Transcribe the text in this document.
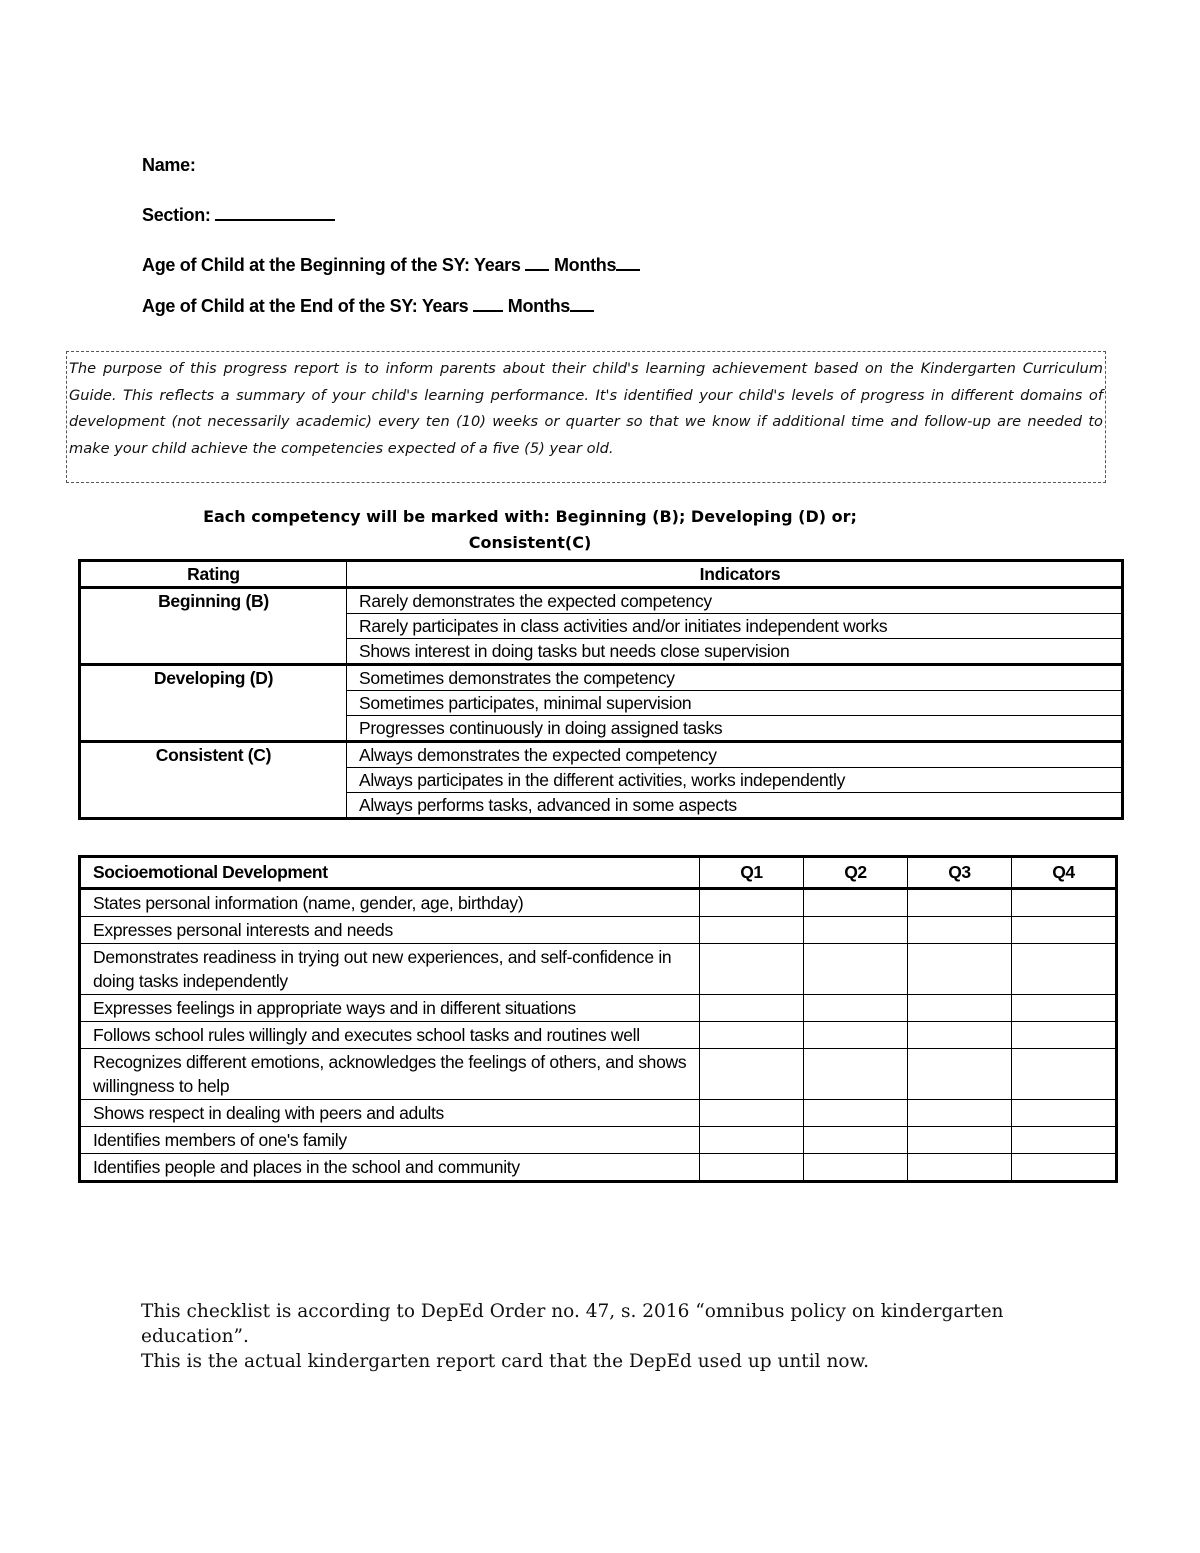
Name:
Section:
Age of Child at the Beginning of the SY: Years Months
Age of Child at the End of the SY: Years Months
The purpose of this progress report is to inform parents about their child's learning achievement based on the Kindergarten Curriculum Guide. This reflects a summary of your child's learning performance. It's identified your child's levels of progress in different domains of development (not necessarily academic) every ten (10) weeks or quarter so that we know if additional time and follow-up are needed to make your child achieve the competencies expected of a five (5) year old.
Each competency will be marked with: Beginning (B); Developing (D) or;
Consistent(C)
Rating	Indicators
Beginning (B)	Rarely demonstrates the expected competency
	Rarely participates in class activities and/or initiates independent works
	Shows interest in doing tasks but needs close supervision
Developing (D)	Sometimes demonstrates the competency
	Sometimes participates, minimal supervision
	Progresses continuously in doing assigned tasks
Consistent (C)	Always demonstrates the expected competency
	Always participates in the different activities, works independently
	Always performs tasks, advanced in some aspects
Socioemotional Development	Q1	Q2	Q3	Q4
States personal information (name, gender, age, birthday)				
Expresses personal interests and needs				
Demonstrates readiness in trying out new experiences, and self-confidence in doing tasks independently				
Expresses feelings in appropriate ways and in different situations				
Follows school rules willingly and executes school tasks and routines well				
Recognizes different emotions, acknowledges the feelings of others, and shows willingness to help				
Shows respect in dealing with peers and adults				
Identifies members of one's family				
Identifies people and places in the school and community				

This checklist is according to DepEd Order no. 47, s. 2016 “omnibus policy on kindergarten education”.

This is the actual kindergarten report card that the DepEd used up until now.
